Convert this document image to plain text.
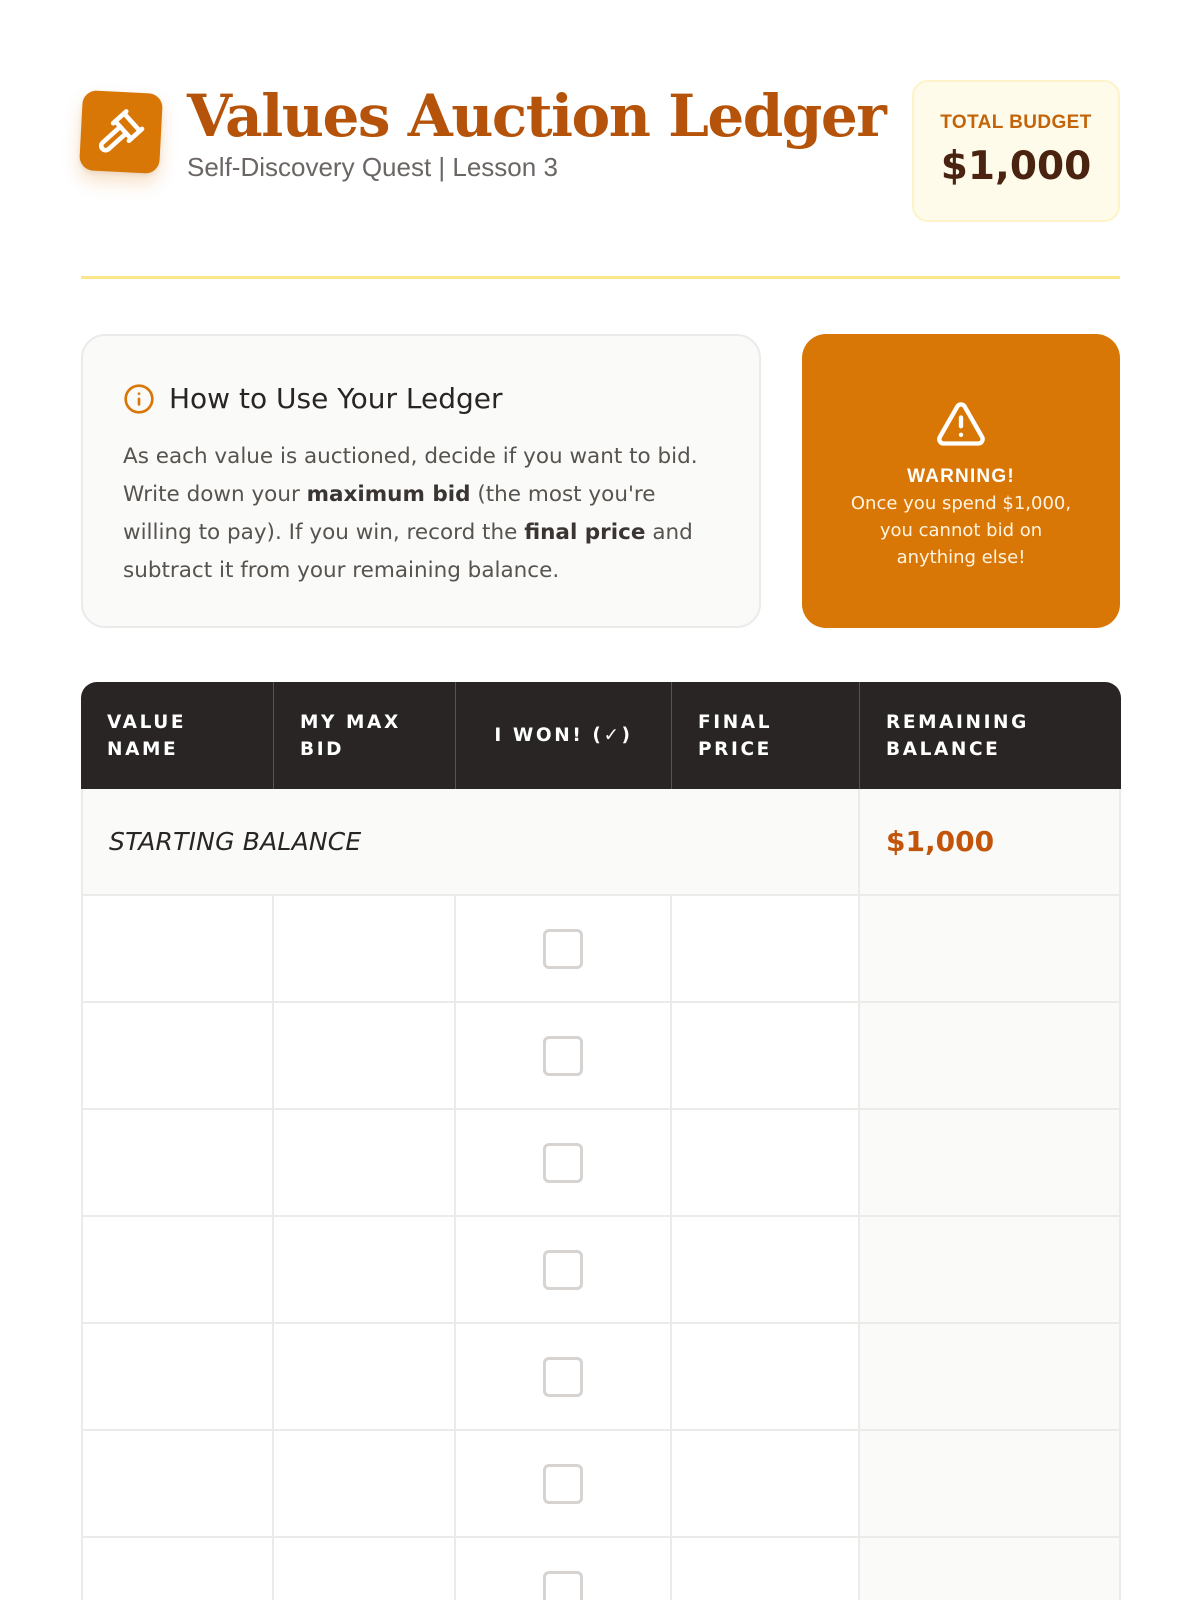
Values Auction Ledger
Self-Discovery Quest | Lesson 3
TOTAL BUDGET
$1,000
How to Use Your Ledger

As each value is auctioned, decide if you want to bid. Write down your maximum bid (the most you're willing to pay). If you win, record the final price and subtract it from your remaining balance.

WARNING!
Once you spend $1,000, you cannot bid on anything else!
VALUE NAME	MY MAX BID	I WON! (✓)	FINAL PRICE	REMAINING BALANCE
STARTING BALANCE				$1,000
